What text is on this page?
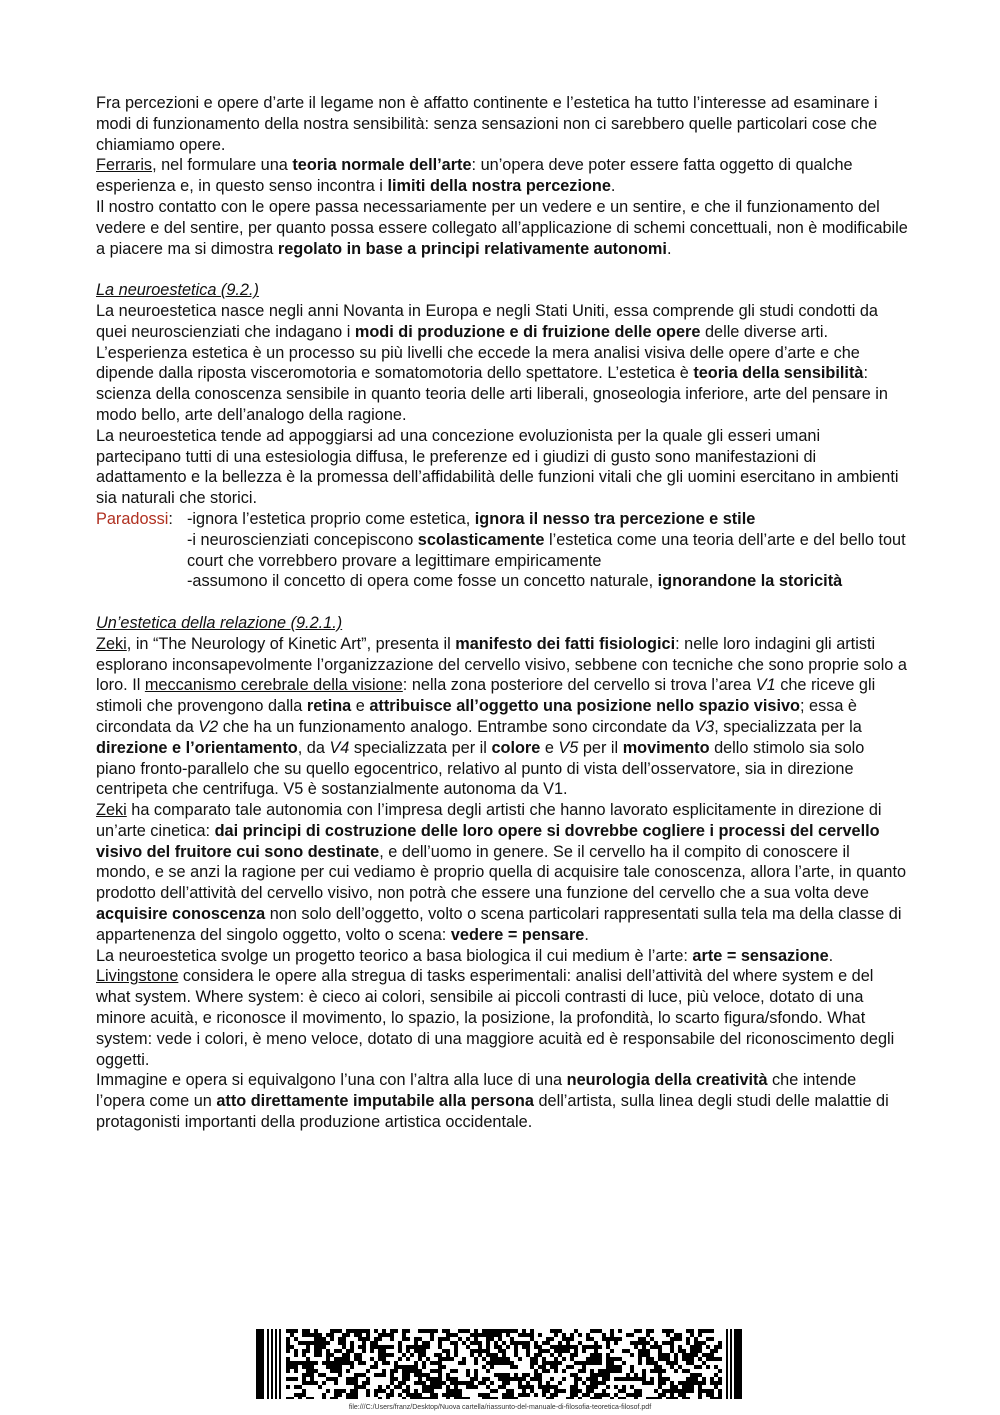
Fra percezioni e opere d’arte il legame non è affatto continente e l’estetica ha tutto l’interesse ad esaminare i modi di funzionamento della nostra sensibilità: senza sensazioni non ci sarebbero quelle particolari cose che chiamiamo opere.

Ferraris, nel formulare una teoria normale dell’arte: un’opera deve poter essere fatta oggetto di qualche esperienza e, in questo senso incontra i limiti della nostra percezione.

Il nostro contatto con le opere passa necessariamente per un vedere e un sentire, e che il funzionamento del vedere e del sentire, per quanto possa essere collegato all’applicazione di schemi concettuali, non è modificabile a piacere ma si dimostra regolato in base a principi relativamente autonomi.

La neuroestetica (9.2.)

La neuroestetica nasce negli anni Novanta in Europa e negli Stati Uniti, essa comprende gli studi condotti da quei neuroscienziati che indagano i modi di produzione e di fruizione delle opere delle diverse arti.

L’esperienza estetica è un processo su più livelli che eccede la mera analisi visiva delle opere d’arte e che dipende dalla riposta visceromotoria e somatomotoria dello spettatore. L’estetica è teoria della sensibilità: scienza della conoscenza sensibile in quanto teoria delle arti liberali, gnoseologia inferiore, arte del pensare in modo bello, arte dell’analogo della ragione.

La neuroestetica tende ad appoggiarsi ad una concezione evoluzionista per la quale gli esseri umani partecipano tutti di una estesiologia diffusa, le preferenze ed i giudizi di gusto sono manifestazioni di adattamento e la bellezza è la promessa dell’affidabilità delle funzioni vitali che gli uomini esercitano in ambienti sia naturali che storici.

Paradossi: -ignora l’estetica proprio come estetica, ignora il nesso tra percezione e stile

-i neuroscienziati concepiscono scolasticamente l’estetica come una teoria dell’arte e del bello tout court che vorrebbero provare a legittimare empiricamente

-assumono il concetto di opera come fosse un concetto naturale, ignorandone la storicità

Un’estetica della relazione (9.2.1.)

Zeki, in “The Neurology of Kinetic Art”, presenta il manifesto dei fatti fisiologici: nelle loro indagini gli artisti esplorano inconsapevolmente l’organizzazione del cervello visivo, sebbene con tecniche che sono proprie solo a loro. Il meccanismo cerebrale della visione: nella zona posteriore del cervello si trova l’area V1 che riceve gli stimoli che provengono dalla retina e attribuisce all’oggetto una posizione nello spazio visivo; essa è circondata da V2 che ha un funzionamento analogo. Entrambe sono circondate da V3, specializzata per la direzione e l’orientamento, da V4 specializzata per il colore e V5 per il movimento dello stimolo sia solo piano fronto-parallelo che su quello egocentrico, relativo al punto di vista dell’osservatore, sia in direzione centripeta che centrifuga. V5 è sostanzialmente autonoma da V1.

Zeki ha comparato tale autonomia con l’impresa degli artisti che hanno lavorato esplicitamente in direzione di un’arte cinetica: dai principi di costruzione delle loro opere si dovrebbe cogliere i processi del cervello visivo del fruitore cui sono destinate, e dell’uomo in genere. Se il cervello ha il compito di conoscere il mondo, e se anzi la ragione per cui vediamo è proprio quella di acquisire tale conoscenza, allora l’arte, in quanto prodotto dell’attività del cervello visivo, non potrà che essere una funzione del cervello che a sua volta deve acquisire conoscenza non solo dell’oggetto, volto o scena particolari rappresentati sulla tela ma della classe di appartenenza del singolo oggetto, volto o scena: vedere = pensare.

La neuroestetica svolge un progetto teorico a basa biologica il cui medium è l’arte: arte = sensazione.

Livingstone considera le opere alla stregua di tasks esperimentali: analisi dell’attività del where system e del what system. Where system: è cieco ai colori, sensibile ai piccoli contrasti di luce, più veloce, dotato di una minore acuità, e riconosce il movimento, lo spazio, la posizione, la profondità, lo scarto figura/sfondo. What system: vede i colori, è meno veloce, dotato di una maggiore acuità ed è responsabile del riconoscimento degli oggetti.

Immagine e opera si equivalgono l’una con l’altra alla luce di una neurologia della creatività che intende l’opera come un atto direttamente imputabile alla persona dell’artista, sulla linea degli studi delle malattie di protagonisti importanti della produzione artistica occidentale.

file:///C:/Users/franz/Desktop/Nuova cartella/riassunto-del-manuale-di-filosofia-teoretica-filosof.pdf
